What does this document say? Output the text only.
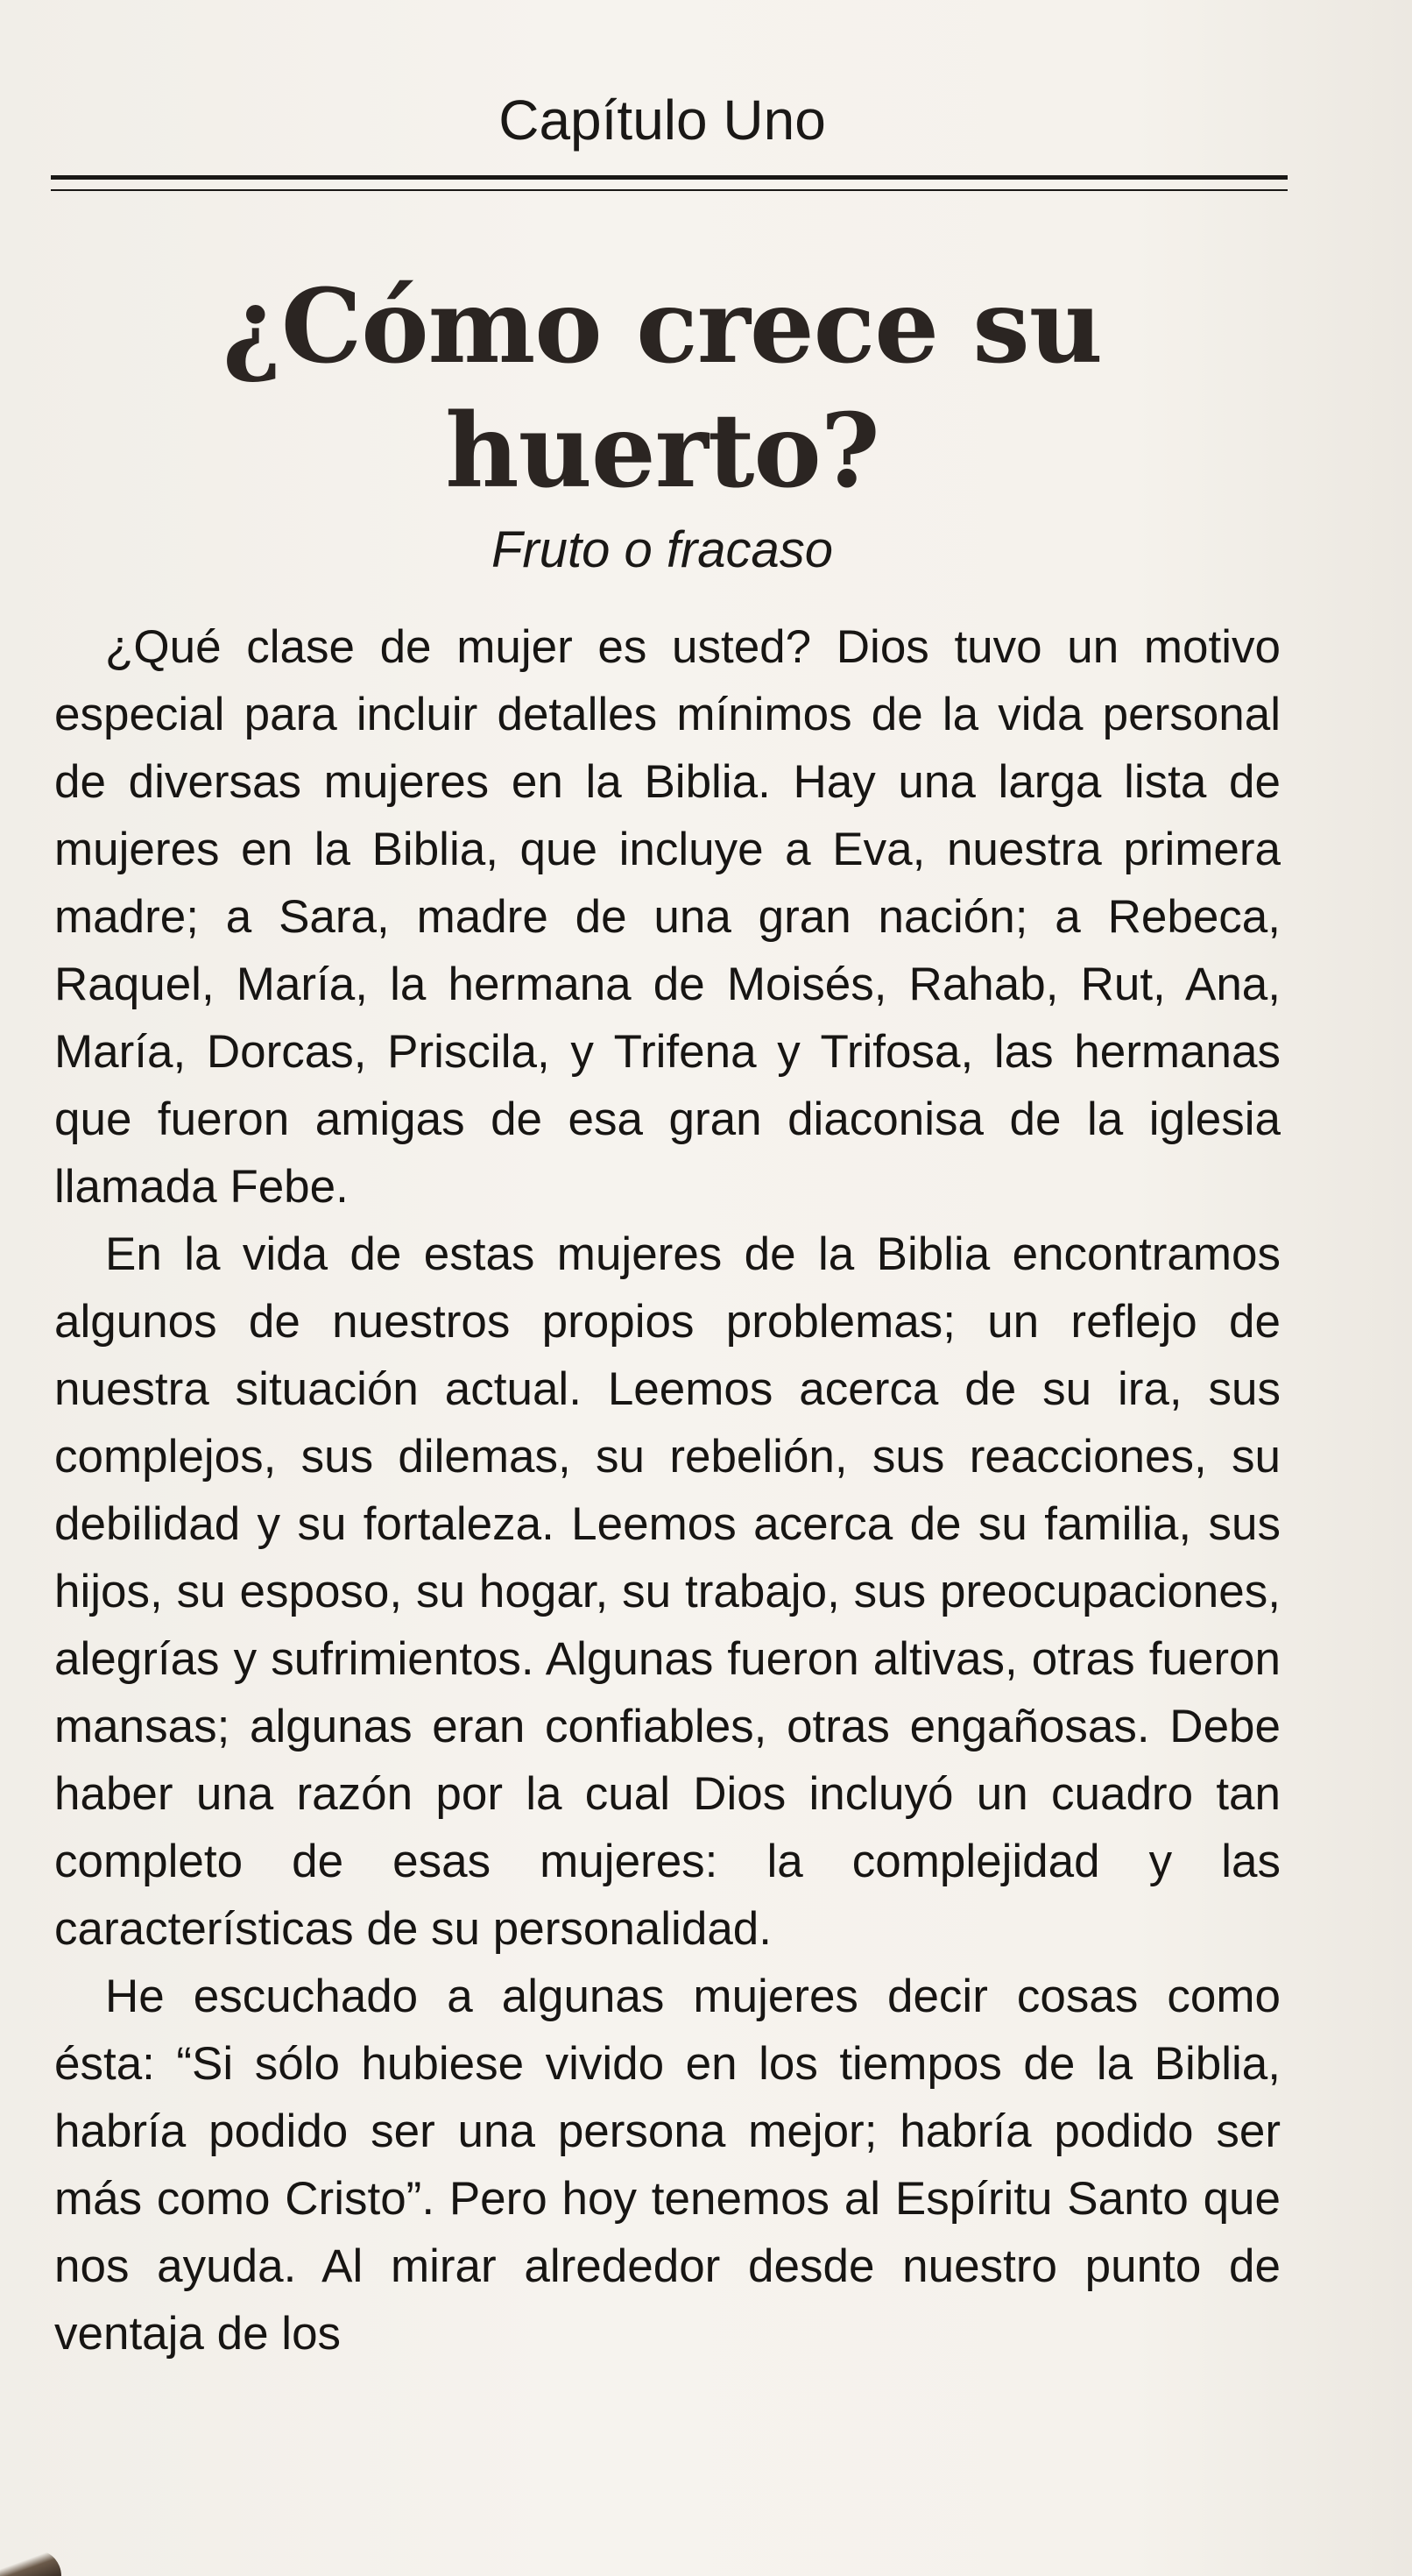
Capítulo Uno
¿Cómo crece su
huerto?
Fruto o fracaso

¿Qué clase de mujer es usted? Dios tuvo un motivo especial para incluir detalles mínimos de la vida personal de diversas mujeres en la Biblia. Hay una larga lista de mujeres en la Biblia, que incluye a Eva, nuestra primera madre; a Sara, madre de una gran nación; a Rebeca, Raquel, María, la hermana de Moisés, Rahab, Rut, Ana, María, Dorcas, Priscila, y Trifena y Trifosa, las hermanas que fueron amigas de esa gran diaconisa de la iglesia llamada Febe.

En la vida de estas mujeres de la Biblia encontramos algunos de nuestros propios problemas; un reflejo de nuestra situación actual. Leemos acerca de su ira, sus complejos, sus dilemas, su rebelión, sus reacciones, su debilidad y su fortaleza. Leemos acerca de su familia, sus hijos, su esposo, su hogar, su trabajo, sus preocupaciones, alegrías y sufrimientos. Algunas fueron altivas, otras fueron mansas; algunas eran confiables, otras engañosas. Debe haber una razón por la cual Dios incluyó un cuadro tan completo de esas mujeres: la complejidad y las características de su personalidad.

He escuchado a algunas mujeres decir cosas como ésta: “Si sólo hubiese vivido en los tiempos de la Biblia, habría podido ser una persona mejor; habría podido ser más como Cristo”. Pero hoy tenemos al Espíritu Santo que nos ayuda. Al mirar alrededor desde nuestro punto de ventaja de los
